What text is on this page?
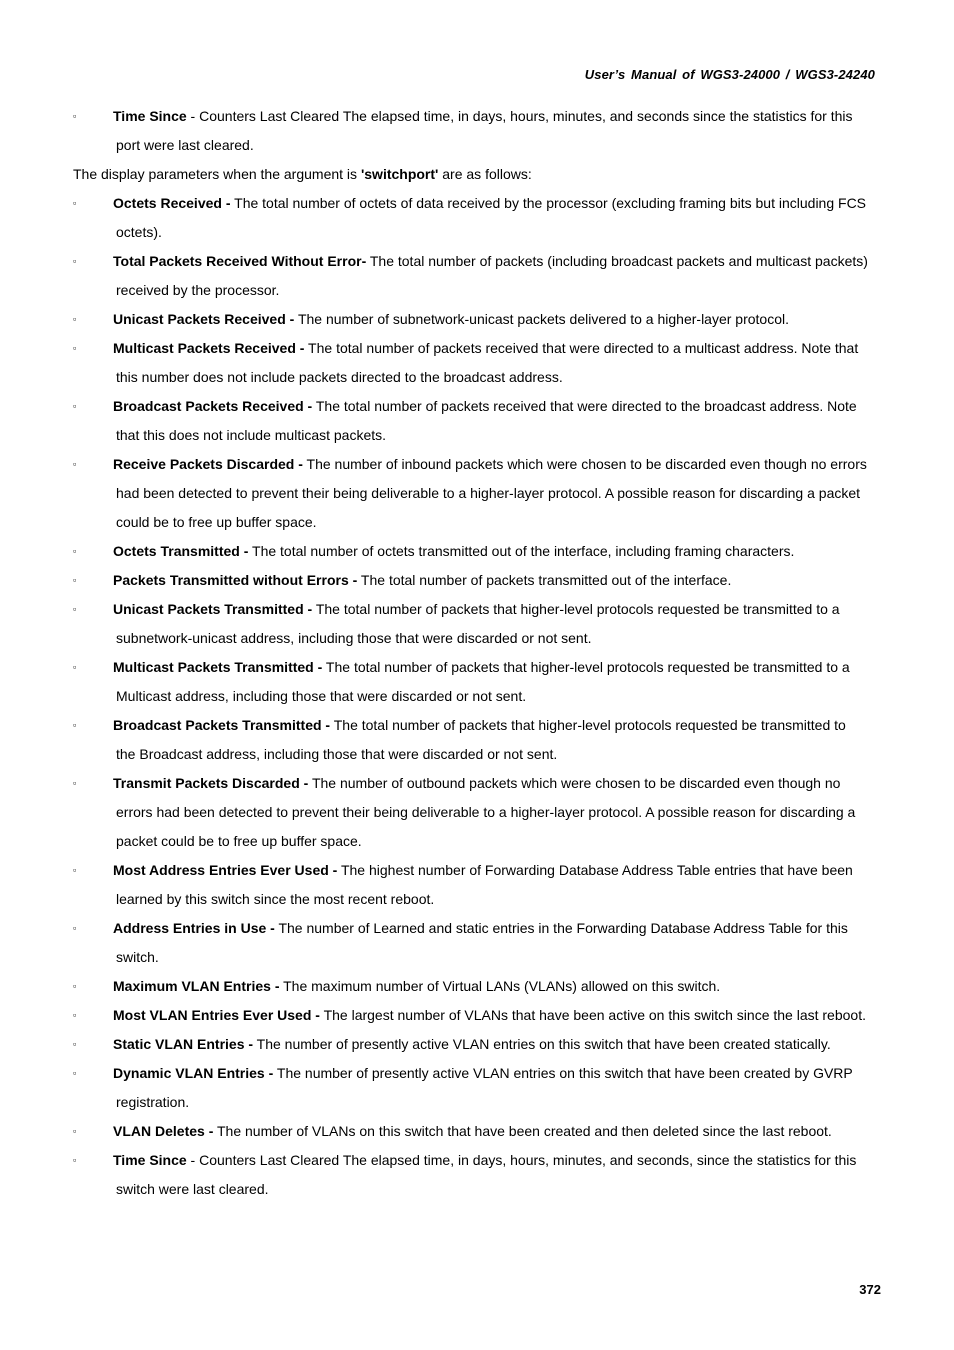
User’s Manual of WGS3-24000 / WGS3-24240
▫	Time Since - Counters Last Cleared The elapsed time, in days, hours, minutes, and seconds since the statistics for this
port were last cleared.
The display parameters when the argument is 'switchport' are as follows:
▫	Octets Received - The total number of octets of data received by the processor (excluding framing bits but including FCS
octets).
▫	Total Packets Received Without Error- The total number of packets (including broadcast packets and multicast packets)
received by the processor.
▫	Unicast Packets Received - The number of subnetwork-unicast packets delivered to a higher-layer protocol.
▫	Multicast Packets Received - The total number of packets received that were directed to a multicast address. Note that
this number does not include packets directed to the broadcast address.
▫	Broadcast Packets Received - The total number of packets received that were directed to the broadcast address. Note
that this does not include multicast packets.
▫	Receive Packets Discarded - The number of inbound packets which were chosen to be discarded even though no errors
had been detected to prevent their being deliverable to a higher-layer protocol. A possible reason for discarding a packet
could be to free up buffer space.
▫	Octets Transmitted - The total number of octets transmitted out of the interface, including framing characters.
▫	Packets Transmitted without Errors - The total number of packets transmitted out of the interface.
▫	Unicast Packets Transmitted - The total number of packets that higher-level protocols requested be transmitted to a
subnetwork-unicast address, including those that were discarded or not sent.
▫	Multicast Packets Transmitted - The total number of packets that higher-level protocols requested be transmitted to a
Multicast address, including those that were discarded or not sent.
▫	Broadcast Packets Transmitted - The total number of packets that higher-level protocols requested be transmitted to
the Broadcast address, including those that were discarded or not sent.
▫	Transmit Packets Discarded - The number of outbound packets which were chosen to be discarded even though no
errors had been detected to prevent their being deliverable to a higher-layer protocol. A possible reason for discarding a
packet could be to free up buffer space.
▫	Most Address Entries Ever Used - The highest number of Forwarding Database Address Table entries that have been
learned by this switch since the most recent reboot.
▫	Address Entries in Use - The number of Learned and static entries in the Forwarding Database Address Table for this
switch.
▫	Maximum VLAN Entries - The maximum number of Virtual LANs (VLANs) allowed on this switch.
▫	Most VLAN Entries Ever Used - The largest number of VLANs that have been active on this switch since the last reboot.
▫	Static VLAN Entries - The number of presently active VLAN entries on this switch that have been created statically.
▫	Dynamic VLAN Entries - The number of presently active VLAN entries on this switch that have been created by GVRP
registration.
▫	VLAN Deletes - The number of VLANs on this switch that have been created and then deleted since the last reboot.
▫	Time Since - Counters Last Cleared The elapsed time, in days, hours, minutes, and seconds, since the statistics for this
switch were last cleared.
372
